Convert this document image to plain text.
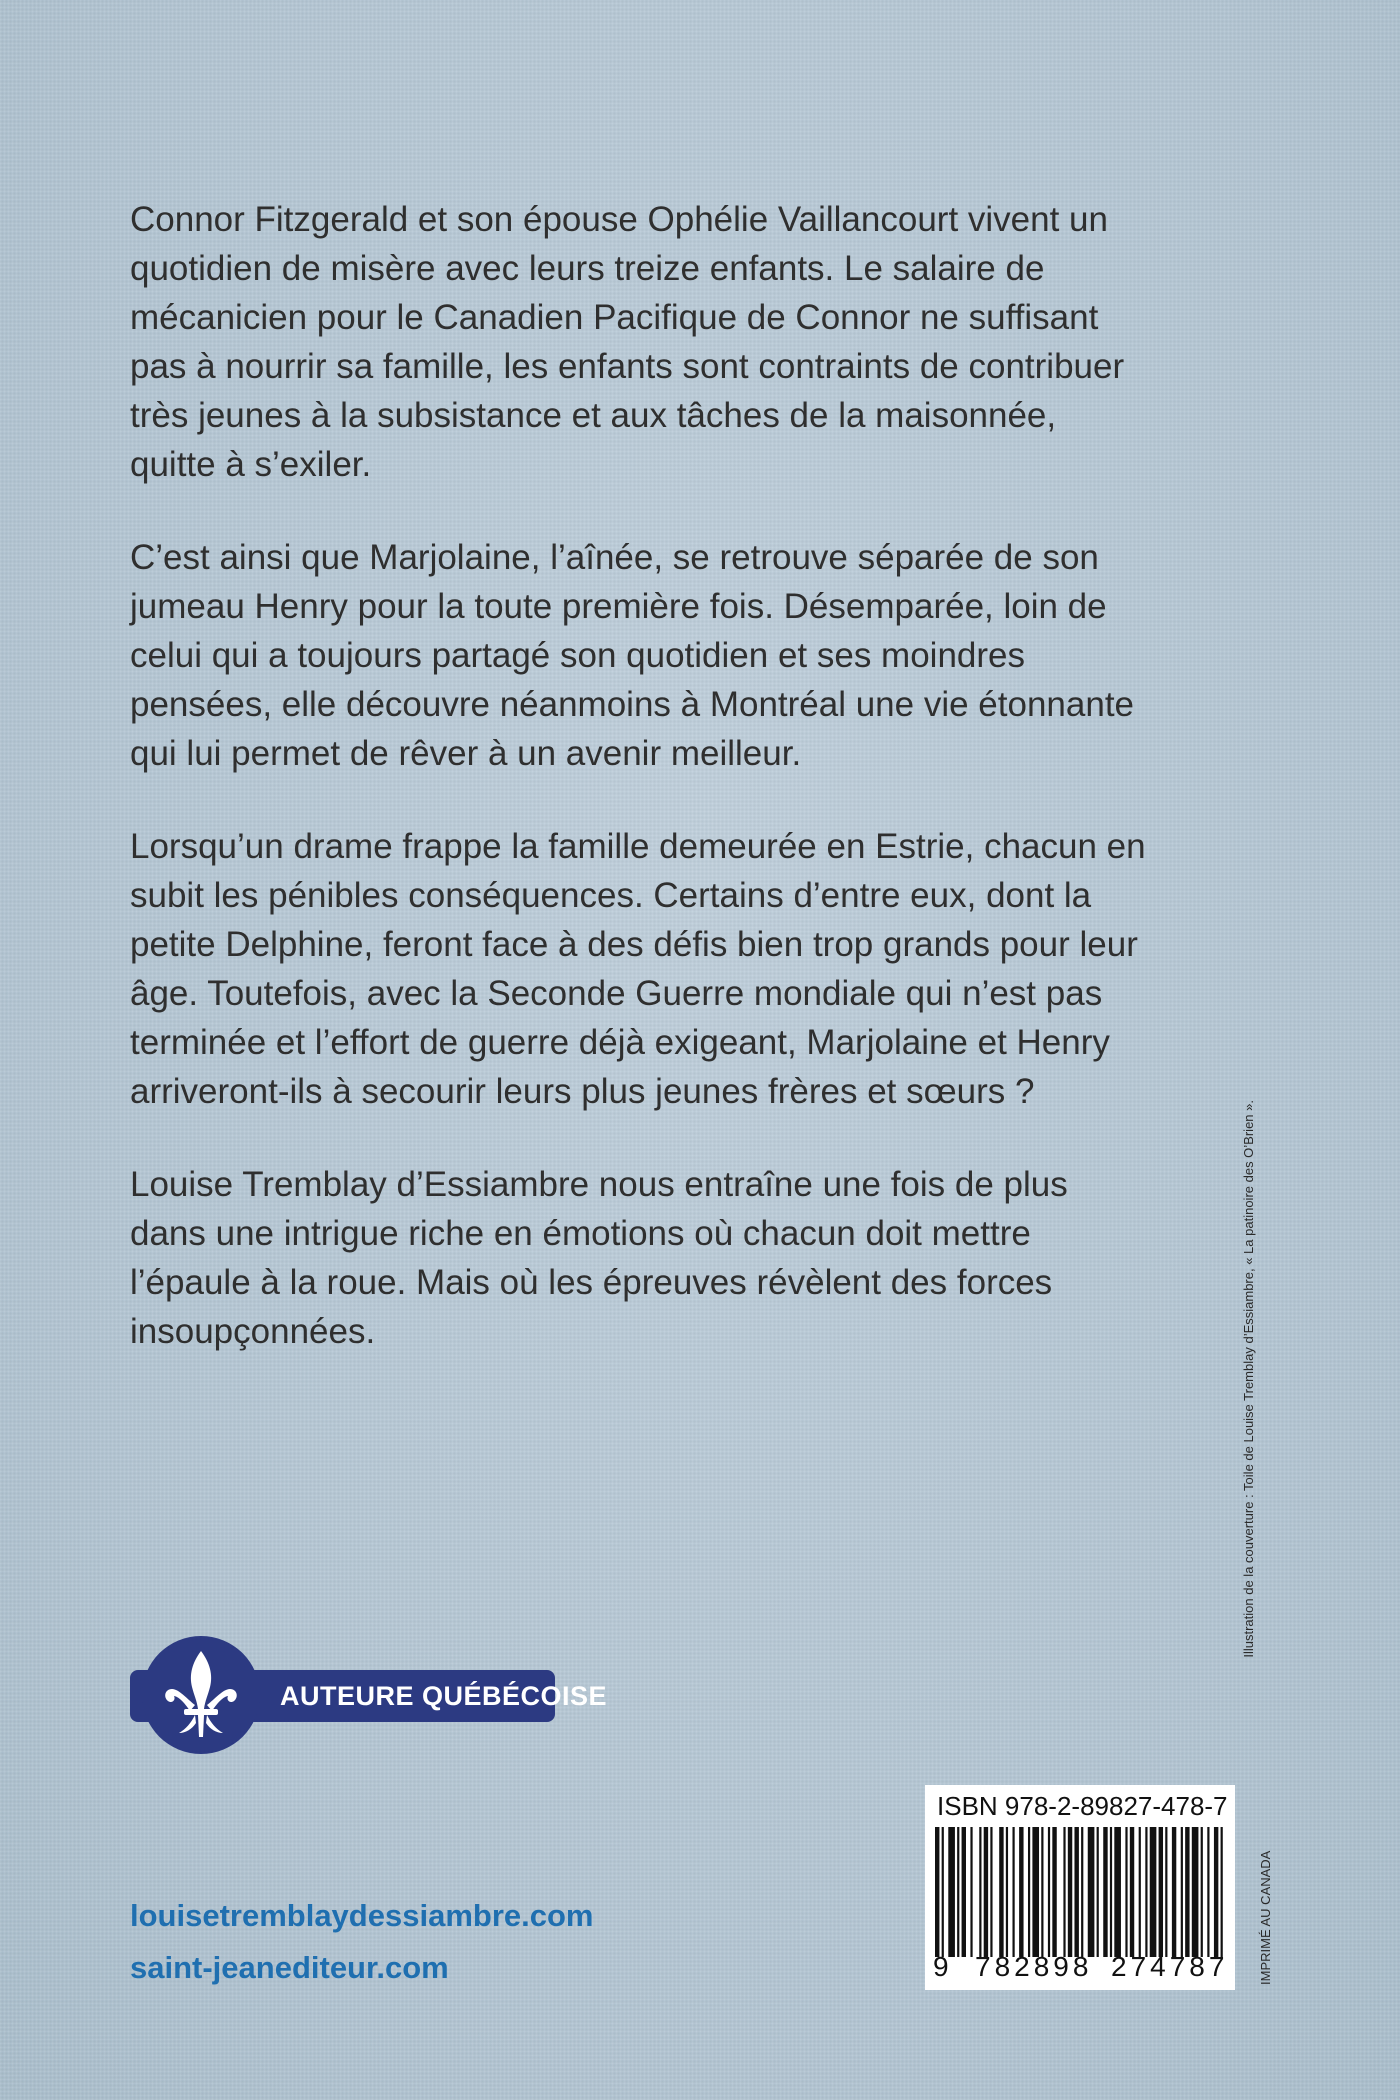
Connor Fitzgerald et son épouse Ophélie Vaillancourt vivent un quotidien de misère avec leurs treize enfants. Le salaire de mécanicien pour le Canadien Pacifique de Connor ne suffisant pas à nourrir sa famille, les enfants sont contraints de contribuer très jeunes à la subsistance et aux tâches de la maisonnée, quitte à s’exiler.

C’est ainsi que Marjolaine, l’aînée, se retrouve séparée de son jumeau Henry pour la toute première fois. Désemparée, loin de celui qui a toujours partagé son quotidien et ses moindres pensées, elle découvre néanmoins à Montréal une vie étonnante qui lui permet de rêver à un avenir meilleur.

Lorsqu’un drame frappe la famille demeurée en Estrie, chacun en subit les pénibles conséquences. Certains d’entre eux, dont la petite Delphine, feront face à des défis bien trop grands pour leur âge. Toutefois, avec la Seconde Guerre mondiale qui n’est pas terminée et l’effort de guerre déjà exigeant, Marjolaine et Henry arriveront-ils à secourir leurs plus jeunes frères et sœurs ?

Louise Tremblay d’Essiambre nous entraîne une fois de plus dans une intrigue riche en émotions où chacun doit mettre l’épaule à la roue. Mais où les épreuves révèlent des forces insoupçonnées.

AUTEURE QUÉBÉCOISE
louisetremblaydessiambre.com
saint-jeanediteur.com
ISBN 978-2-89827-478-7
9 782898 274787
Illustration de la couverture : Toile de Louise Tremblay d’Essiambre, « La patinoire des O’Brien ».
IMPRIMÉ AU CANADA
